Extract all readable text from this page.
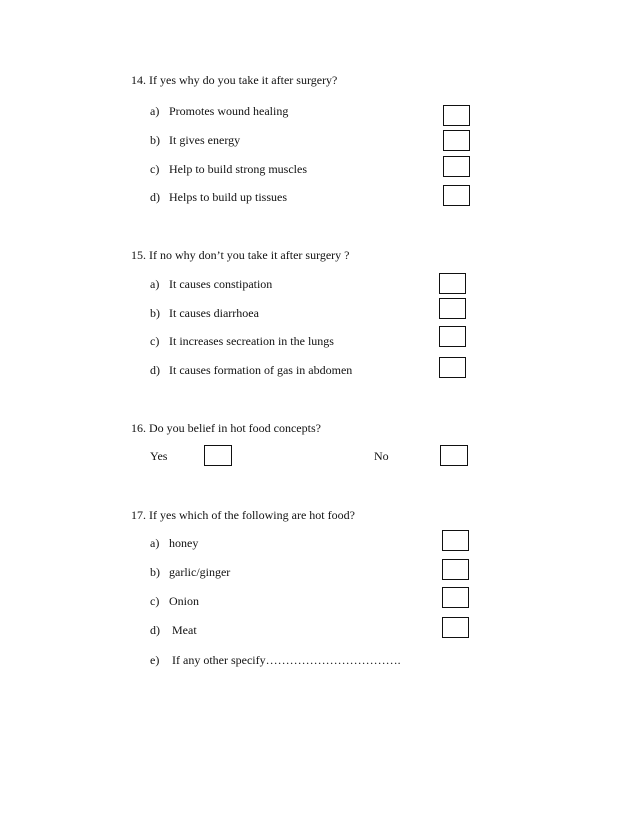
14. If yes why do you take it after surgery?
a) Promotes wound healing
b) It gives energy
c) Help to build strong muscles
d) Helps to build up tissues
15. If no why don’t you take it after surgery ?
a) It causes constipation
b) It causes diarrhoea
c) It increases secreation in the lungs
d) It causes formation of gas in abdomen
16. Do you belief in hot food concepts?
Yes	No
17. If yes which of the following are hot food?
a) honey
b) garlic/ginger
c) Onion
d) Meat
e) If any other specify…………………………….
